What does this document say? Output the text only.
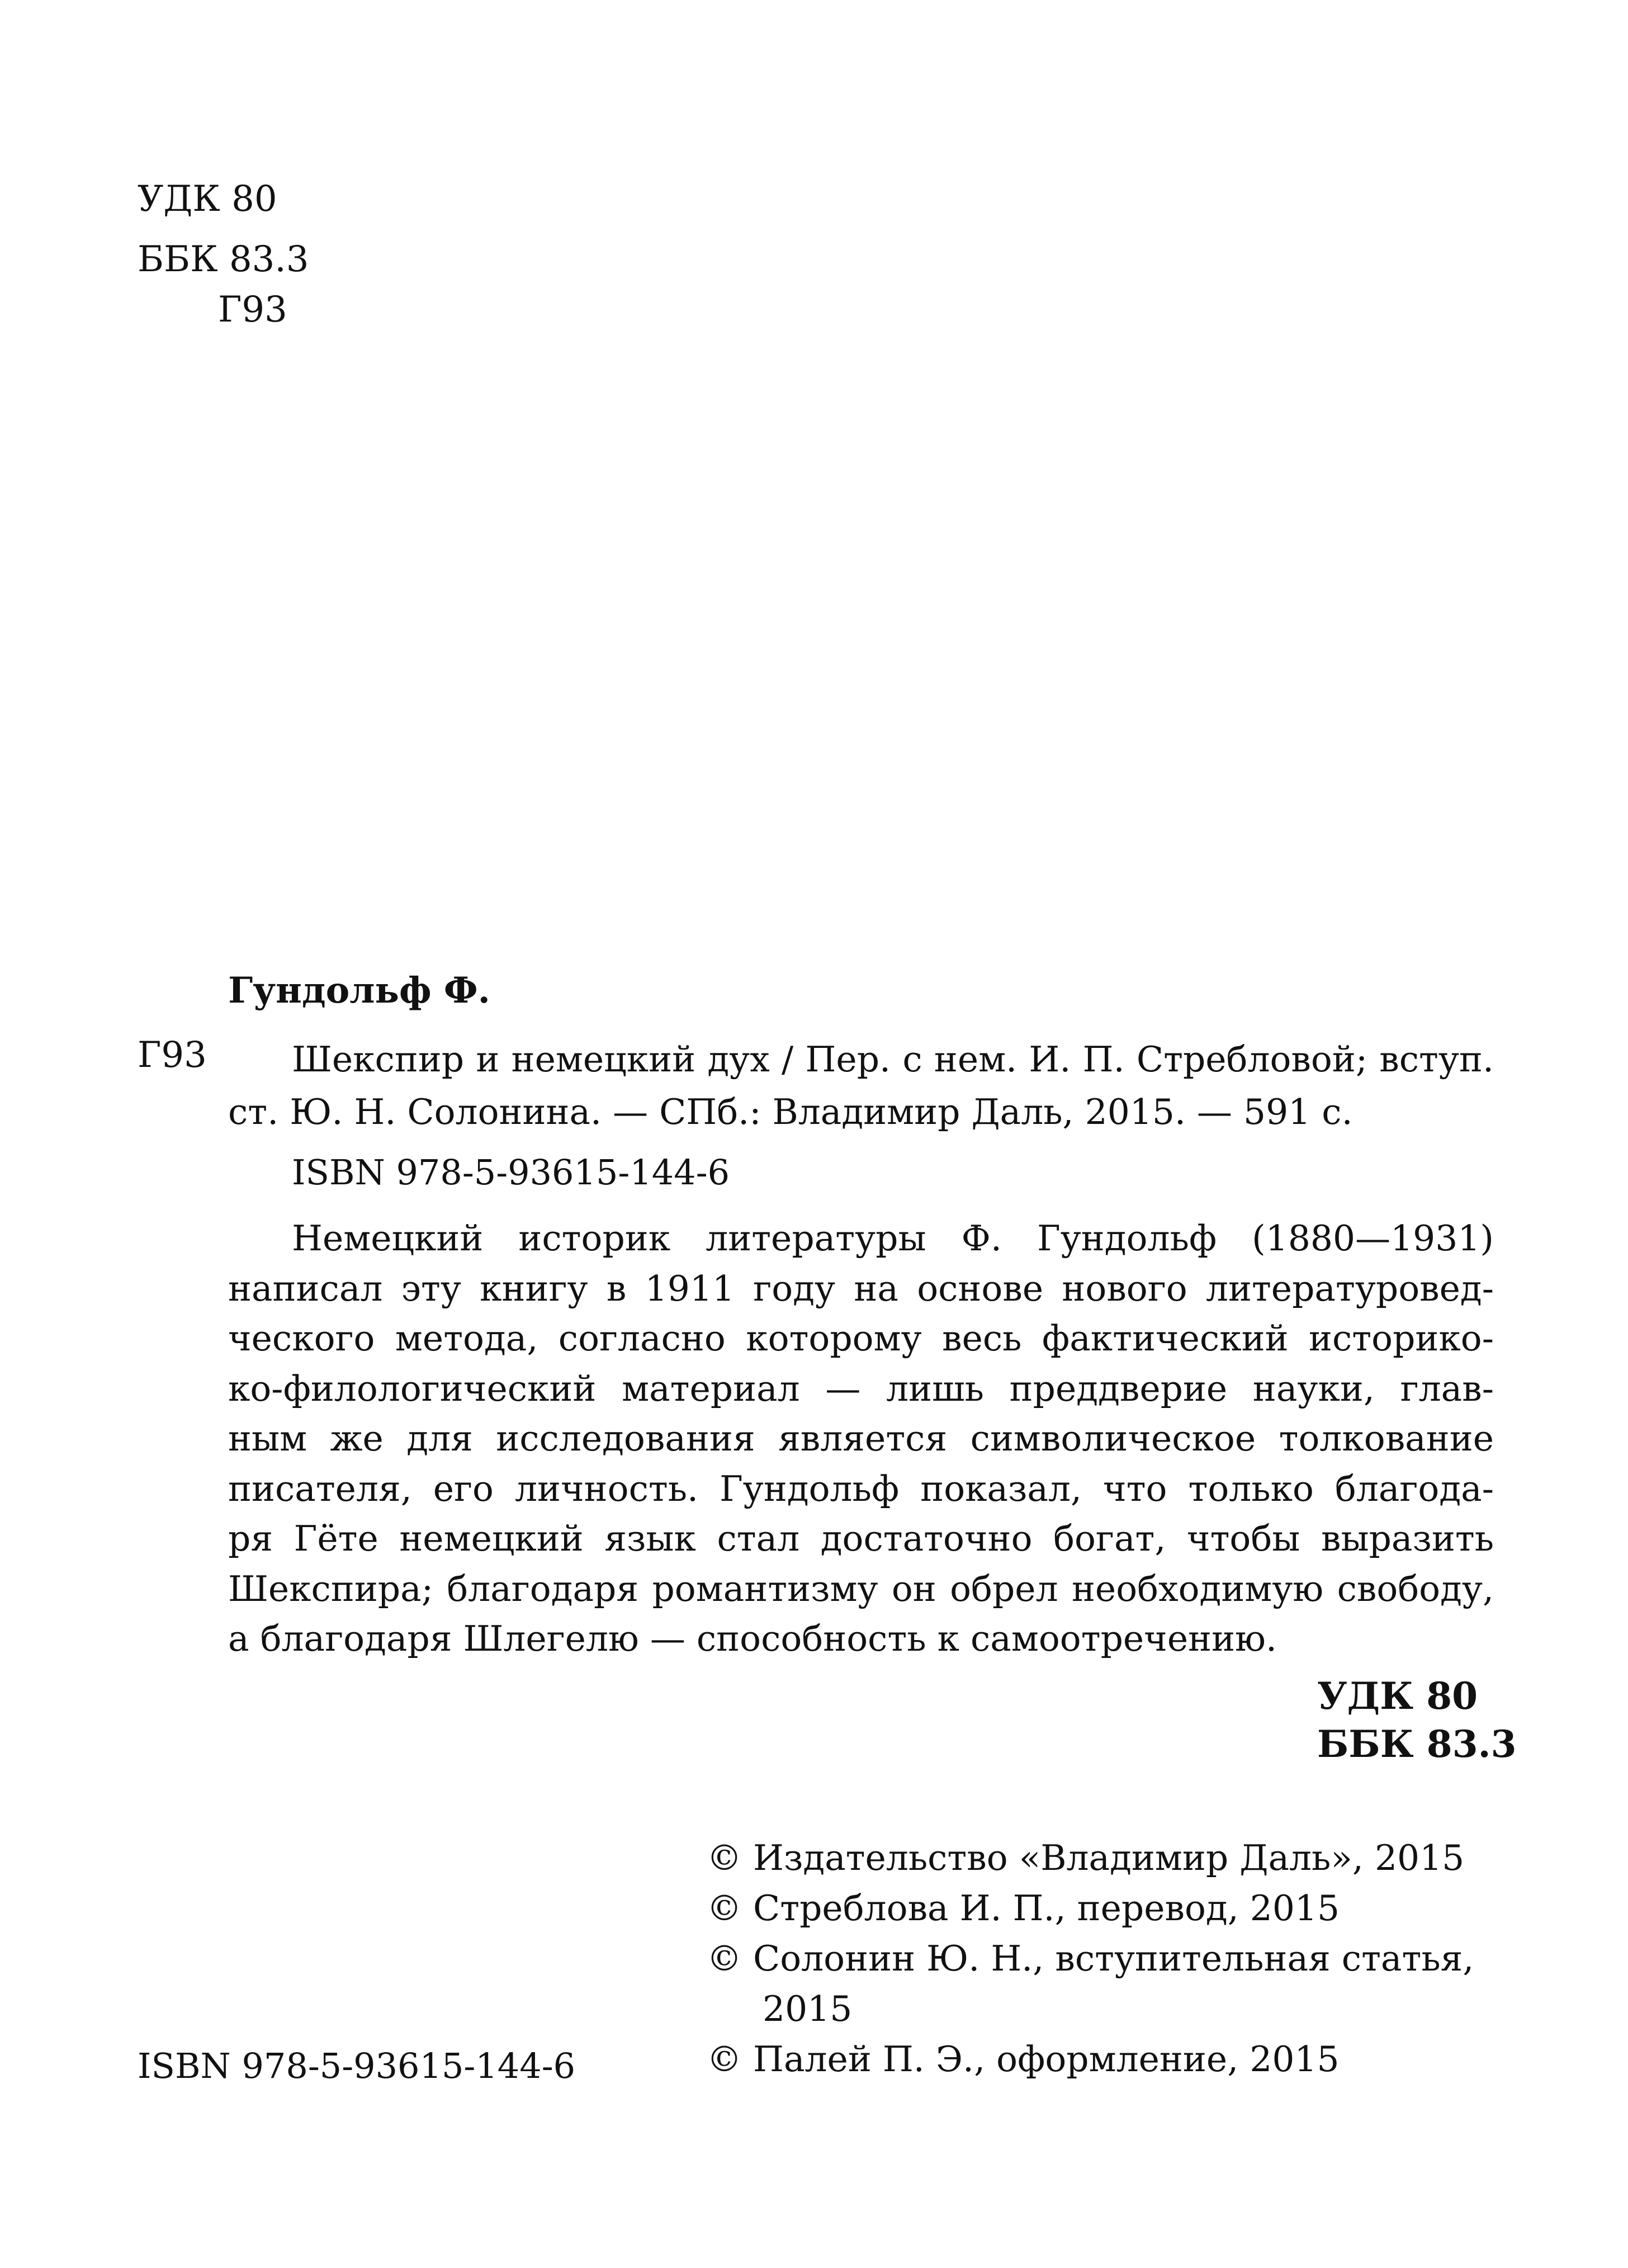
УДК 80
ББК 83.3
Г93
Гундольф Ф.
Г93 Шекспир и немецкий дух / Пер. с нем. И. П. Стребловой; вступ.
ст. Ю. Н. Солонина. — СПб.: Владимир Даль, 2015. — 591 с.
ISBN 978-5-93615-144-6
Немецкий историк литературы Ф. Гундольф (1880—1931)
написал эту книгу в 1911 году на основе нового литературовед-
ческого метода, согласно которому весь фактический историко-
ко-филологический материал — лишь преддверие науки, глав-
ным же для исследования является символическое толкование
писателя, его личность. Гундольф показал, что только благода-
ря Гёте немецкий язык стал достаточно богат, чтобы выразить
Шекспира; благодаря романтизму он обрел необходимую свободу,
а благодаря Шлегелю — способность к самоотречению.
УДК 80
ББК 83.3
© Издательство «Владимир Даль», 2015
© Стреблова И. П., перевод, 2015
© Солонин Ю. Н., вступительная статья,
2015
© Палей П. Э., оформление, 2015
ISBN 978-5-93615-144-6
